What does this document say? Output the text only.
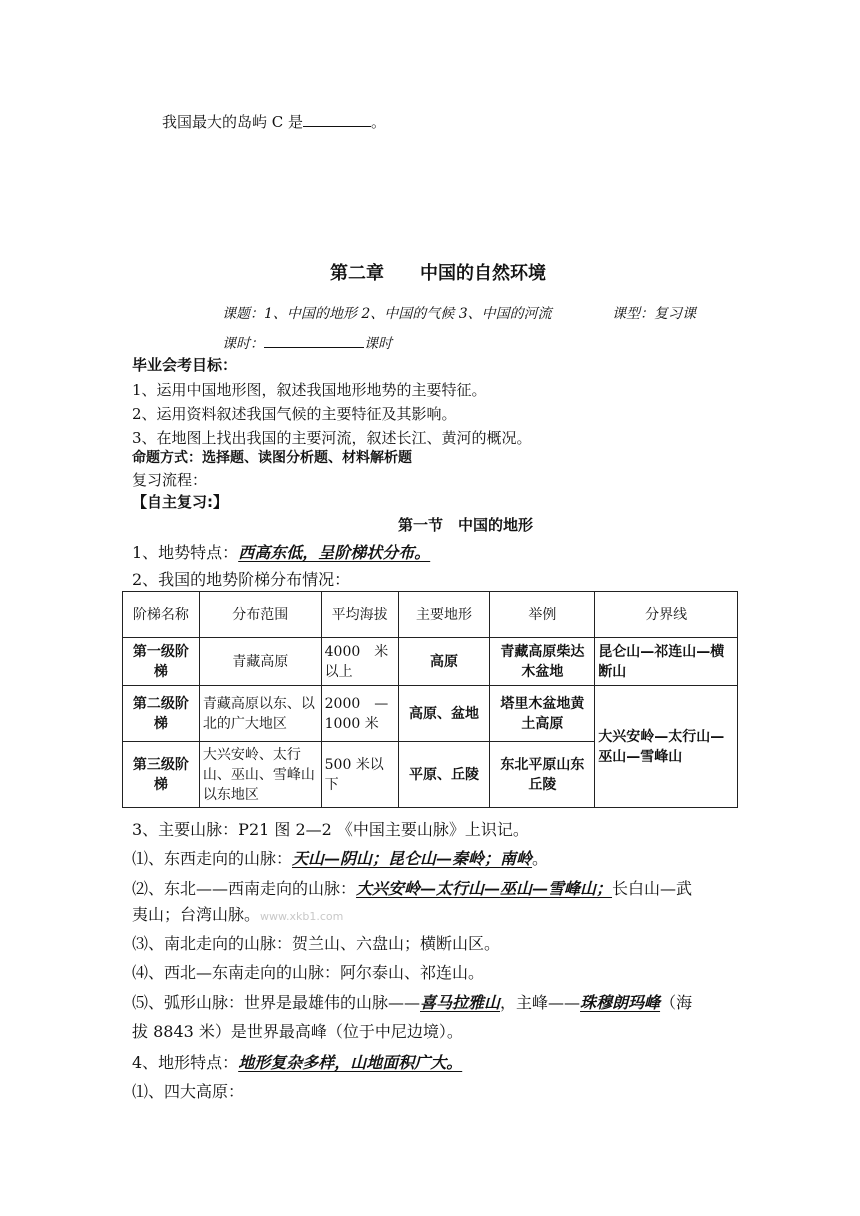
我国最大的岛屿 C 是	。
第二章　　中国的自然环境
课题：1、中国的地形 2、中国的气候 3、中国的河流	课型：复习课
课时：	课时
毕业会考目标：
1、运用中国地形图，叙述我国地形地势的主要特征。
2、运用资料叙述我国气候的主要特征及其影响。
3、在地图上找出我国的主要河流，叙述长江、黄河的概况。
命题方式：选择题、读图分析题、材料解析题
复习流程：
【自主复习:】
第一节　中国的地形
1、地势特点：西高东低，呈阶梯状分布。
2、我国的地势阶梯分布情况：
阶梯名称	分布范围	平均海拔	主要地形	举例	分界线
第一级阶梯	青藏高原	4000　米以上	高原	青藏高原柴达木盆地	昆仑山—祁连山—横断山
第二级阶梯	青藏高原以东、以北的广大地区	2000　—1000 米	高原、盆地	塔里木盆地黄土高原	大兴安岭—太行山—巫山—雪峰山
第三级阶梯	大兴安岭、太行山、巫山、雪峰山以东地区	500 米以下	平原、丘陵	东北平原山东丘陵	
3、主要山脉：P21 图 2—2 《中国主要山脉》上识记。
⑴、东西走向的山脉：天山—阴山；昆仑山—秦岭；南岭。
⑵、东北——西南走向的山脉：大兴安岭—太行山—巫山—雪峰山；长白山—武
夷山；台湾山脉。www.xkb1.com
⑶、南北走向的山脉：贺兰山、六盘山；横断山区。
⑷、西北—东南走向的山脉：阿尔泰山、祁连山。
⑸、弧形山脉：世界是最雄伟的山脉——喜马拉雅山，主峰——珠穆朗玛峰（海
拔 8843 米）是世界最高峰（位于中尼边境）。
4、地形特点：地形复杂多样，山地面积广大。
⑴、四大高原：
